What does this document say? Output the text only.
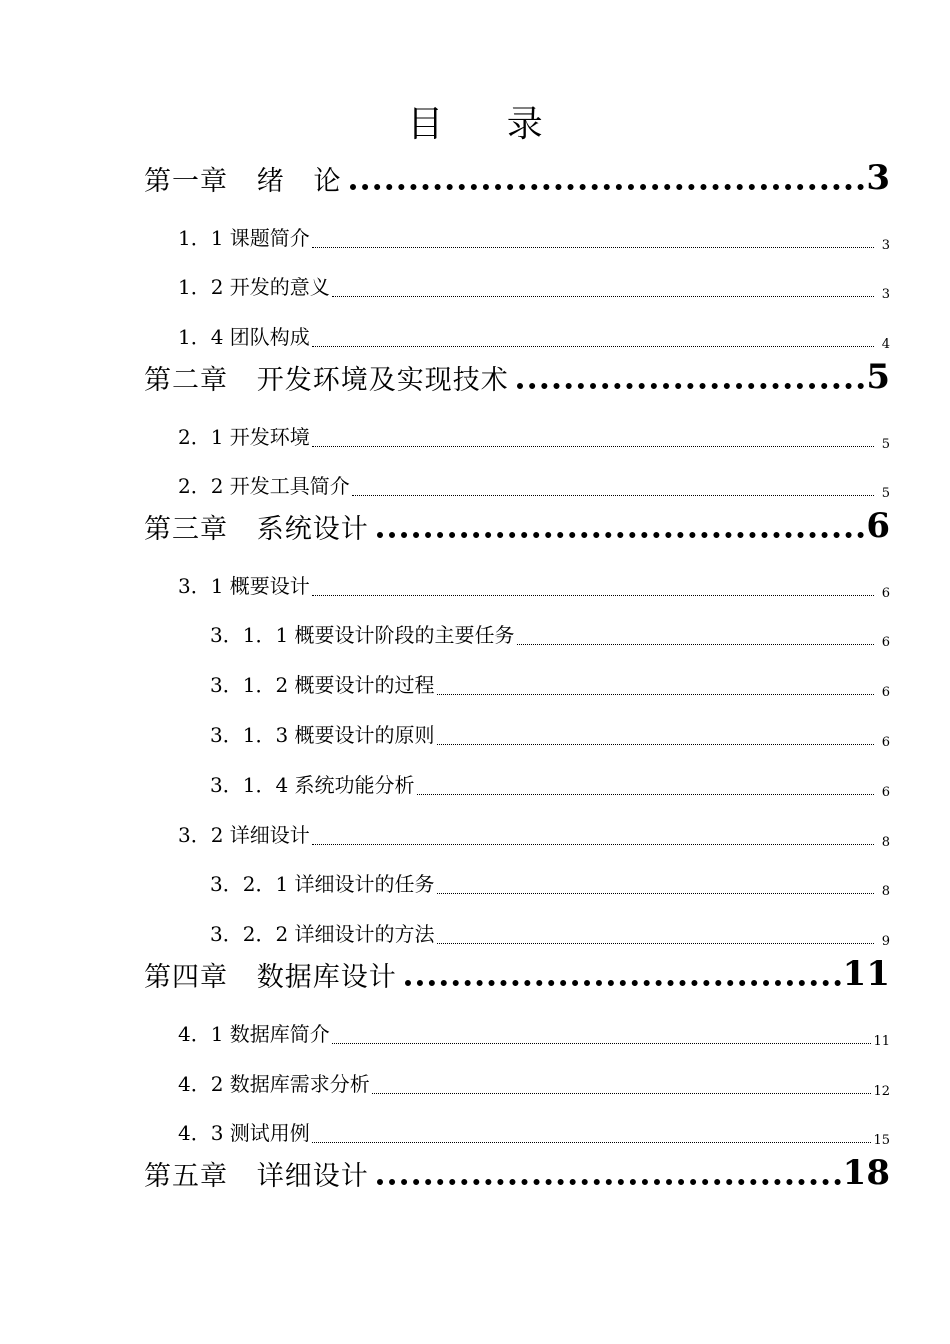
目 录
第一章   绪   论	3
1．1 课题简介	3
1．2 开发的意义	3
1．4 团队构成	4
第二章   开发环境及实现技术	5
2．1 开发环境	5
2．2 开发工具简介	5
第三章   系统设计	6
3．1 概要设计	6
3．1．1 概要设计阶段的主要任务	6
3．1．2 概要设计的过程	6
3．1．3 概要设计的原则	6
3．1．4 系统功能分析	6
3．2 详细设计	8
3．2．1 详细设计的任务	8
3．2．2 详细设计的方法	9
第四章   数据库设计	11
4．1 数据库简介	11
4．2 数据库需求分析	12
4．3 测试用例	15
第五章   详细设计	18
